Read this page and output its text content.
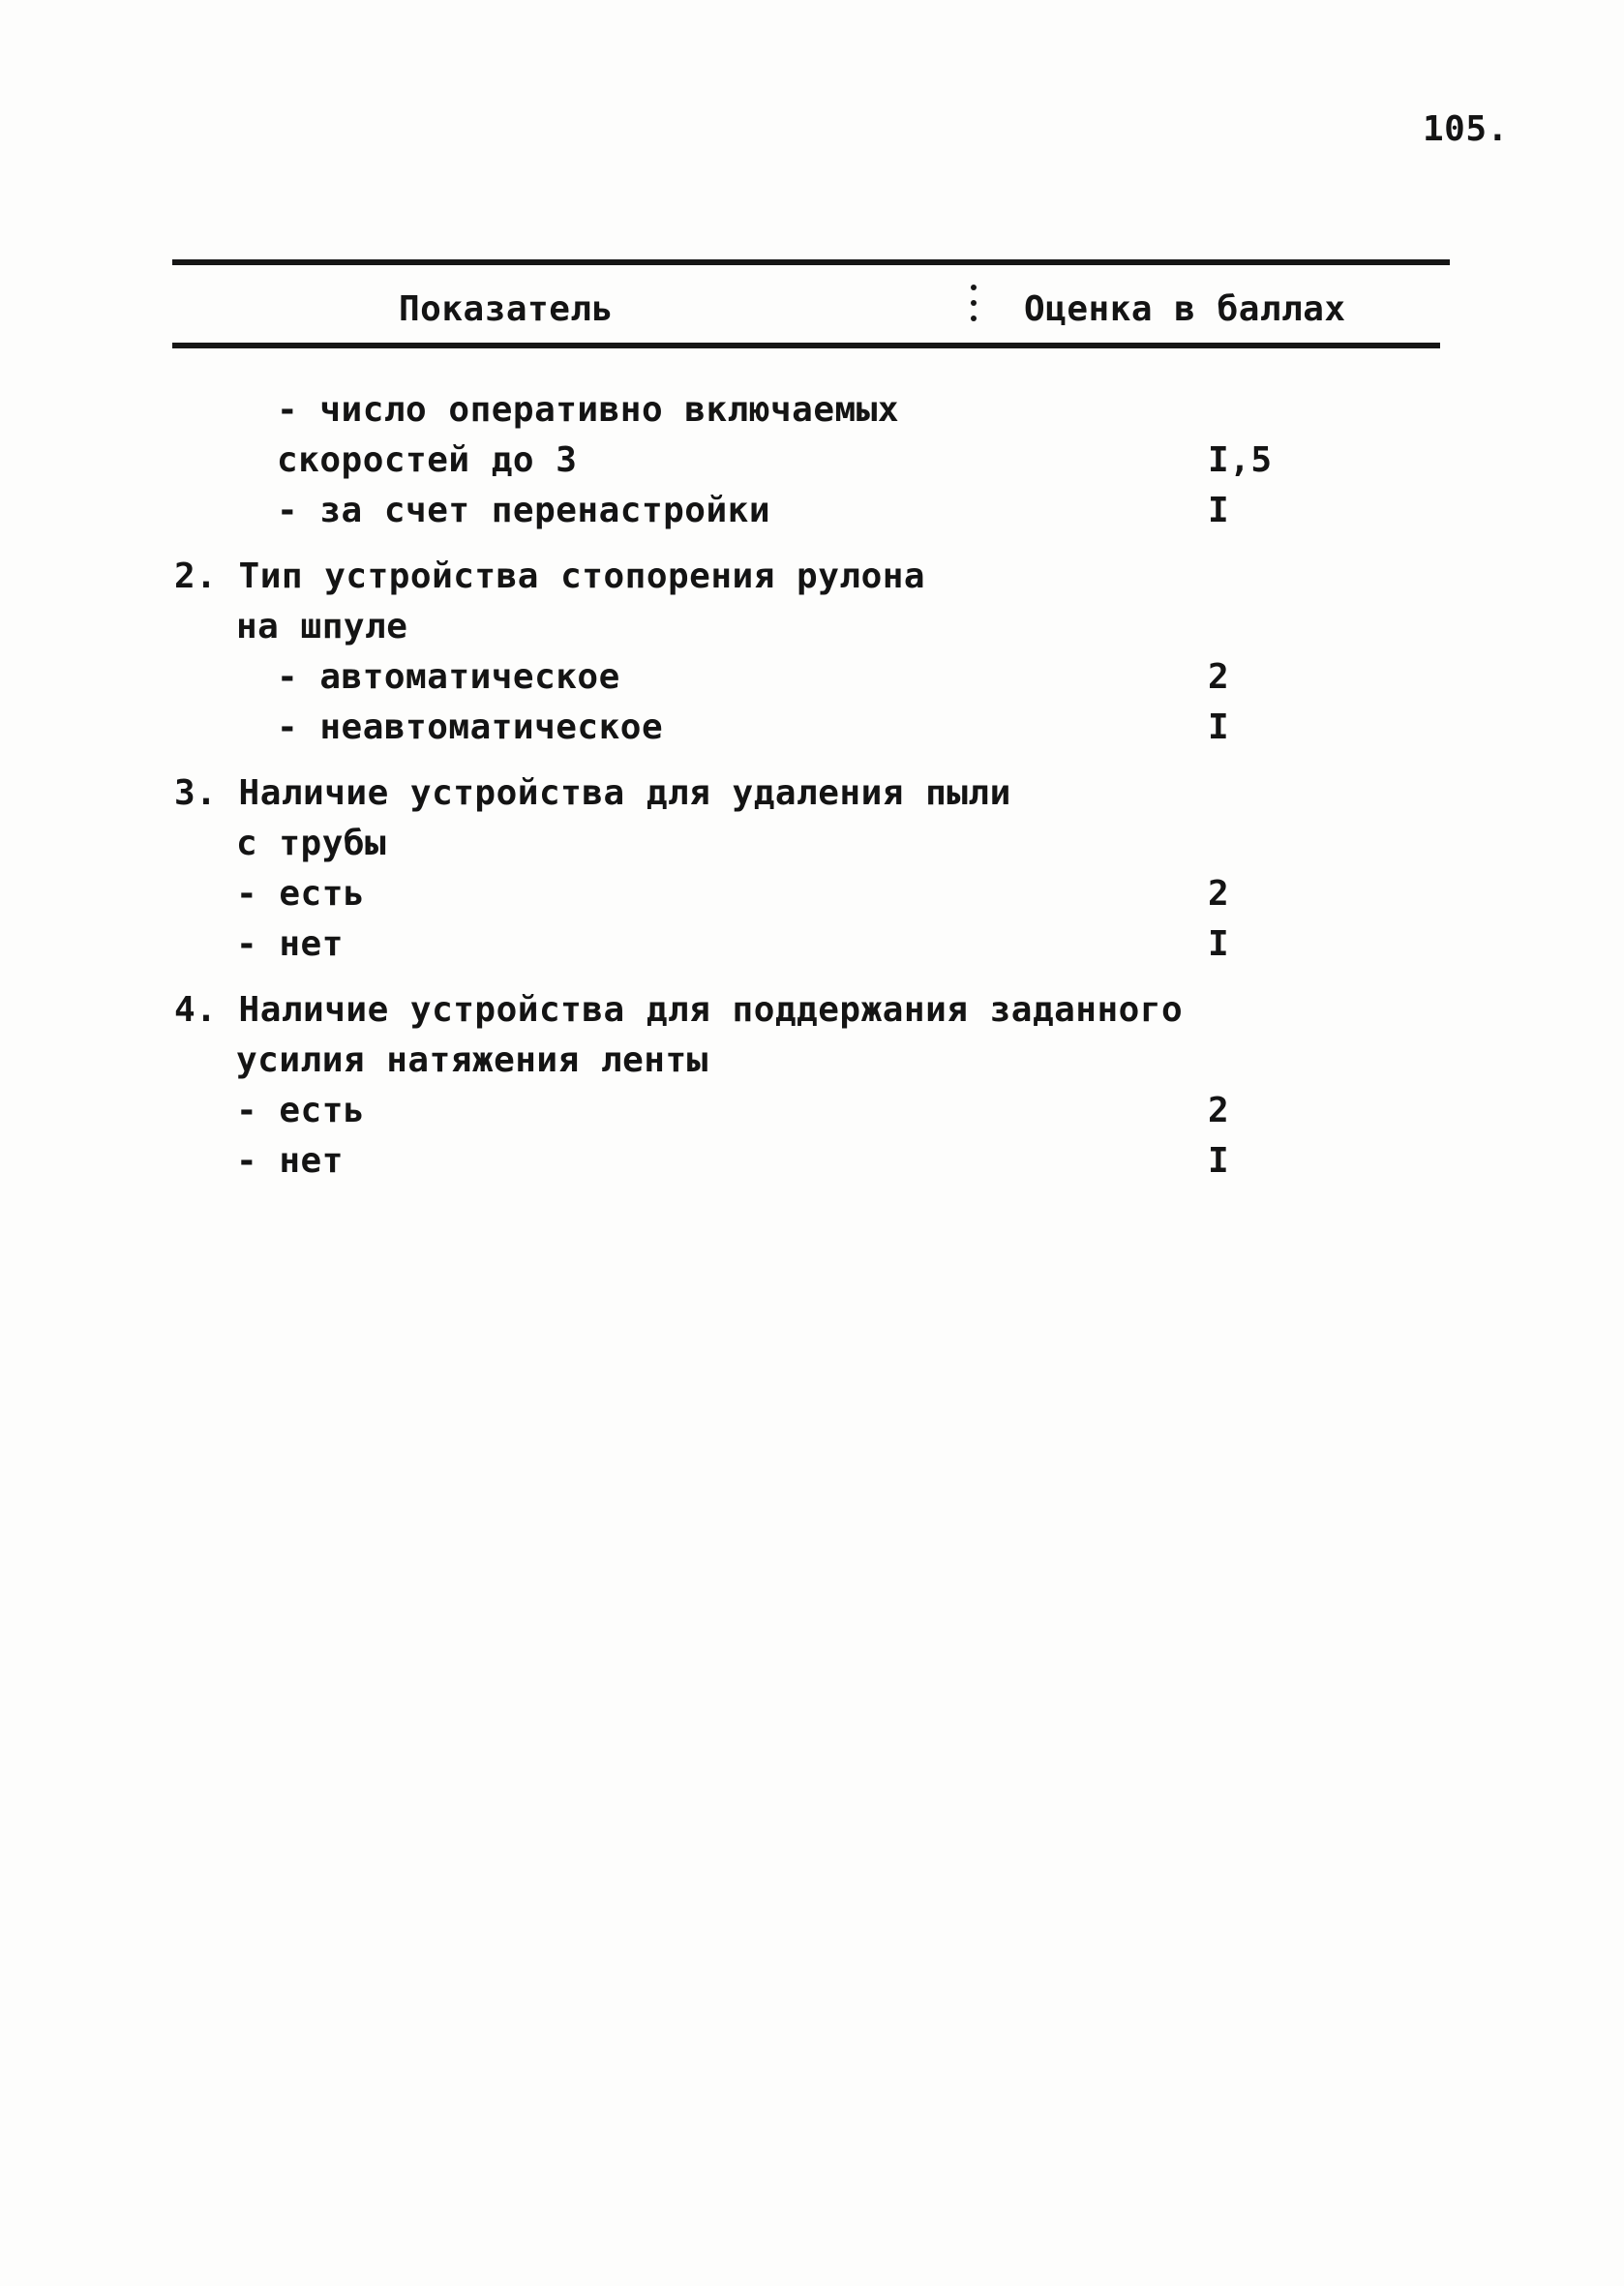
105.
Показатель	Оценка в баллах
- число оперативно включаемых
скоростей до 3	I,5
- за счет перенастройки	I
2. Тип устройства стопорения рулона
на шпуле
- автоматическое	2
- неавтоматическое	I
3. Наличие устройства для удаления пыли
с трубы
- есть	2
- нет	I
4. Наличие устройства для поддержания заданного
усилия натяжения ленты
- есть	2
- нет	I
